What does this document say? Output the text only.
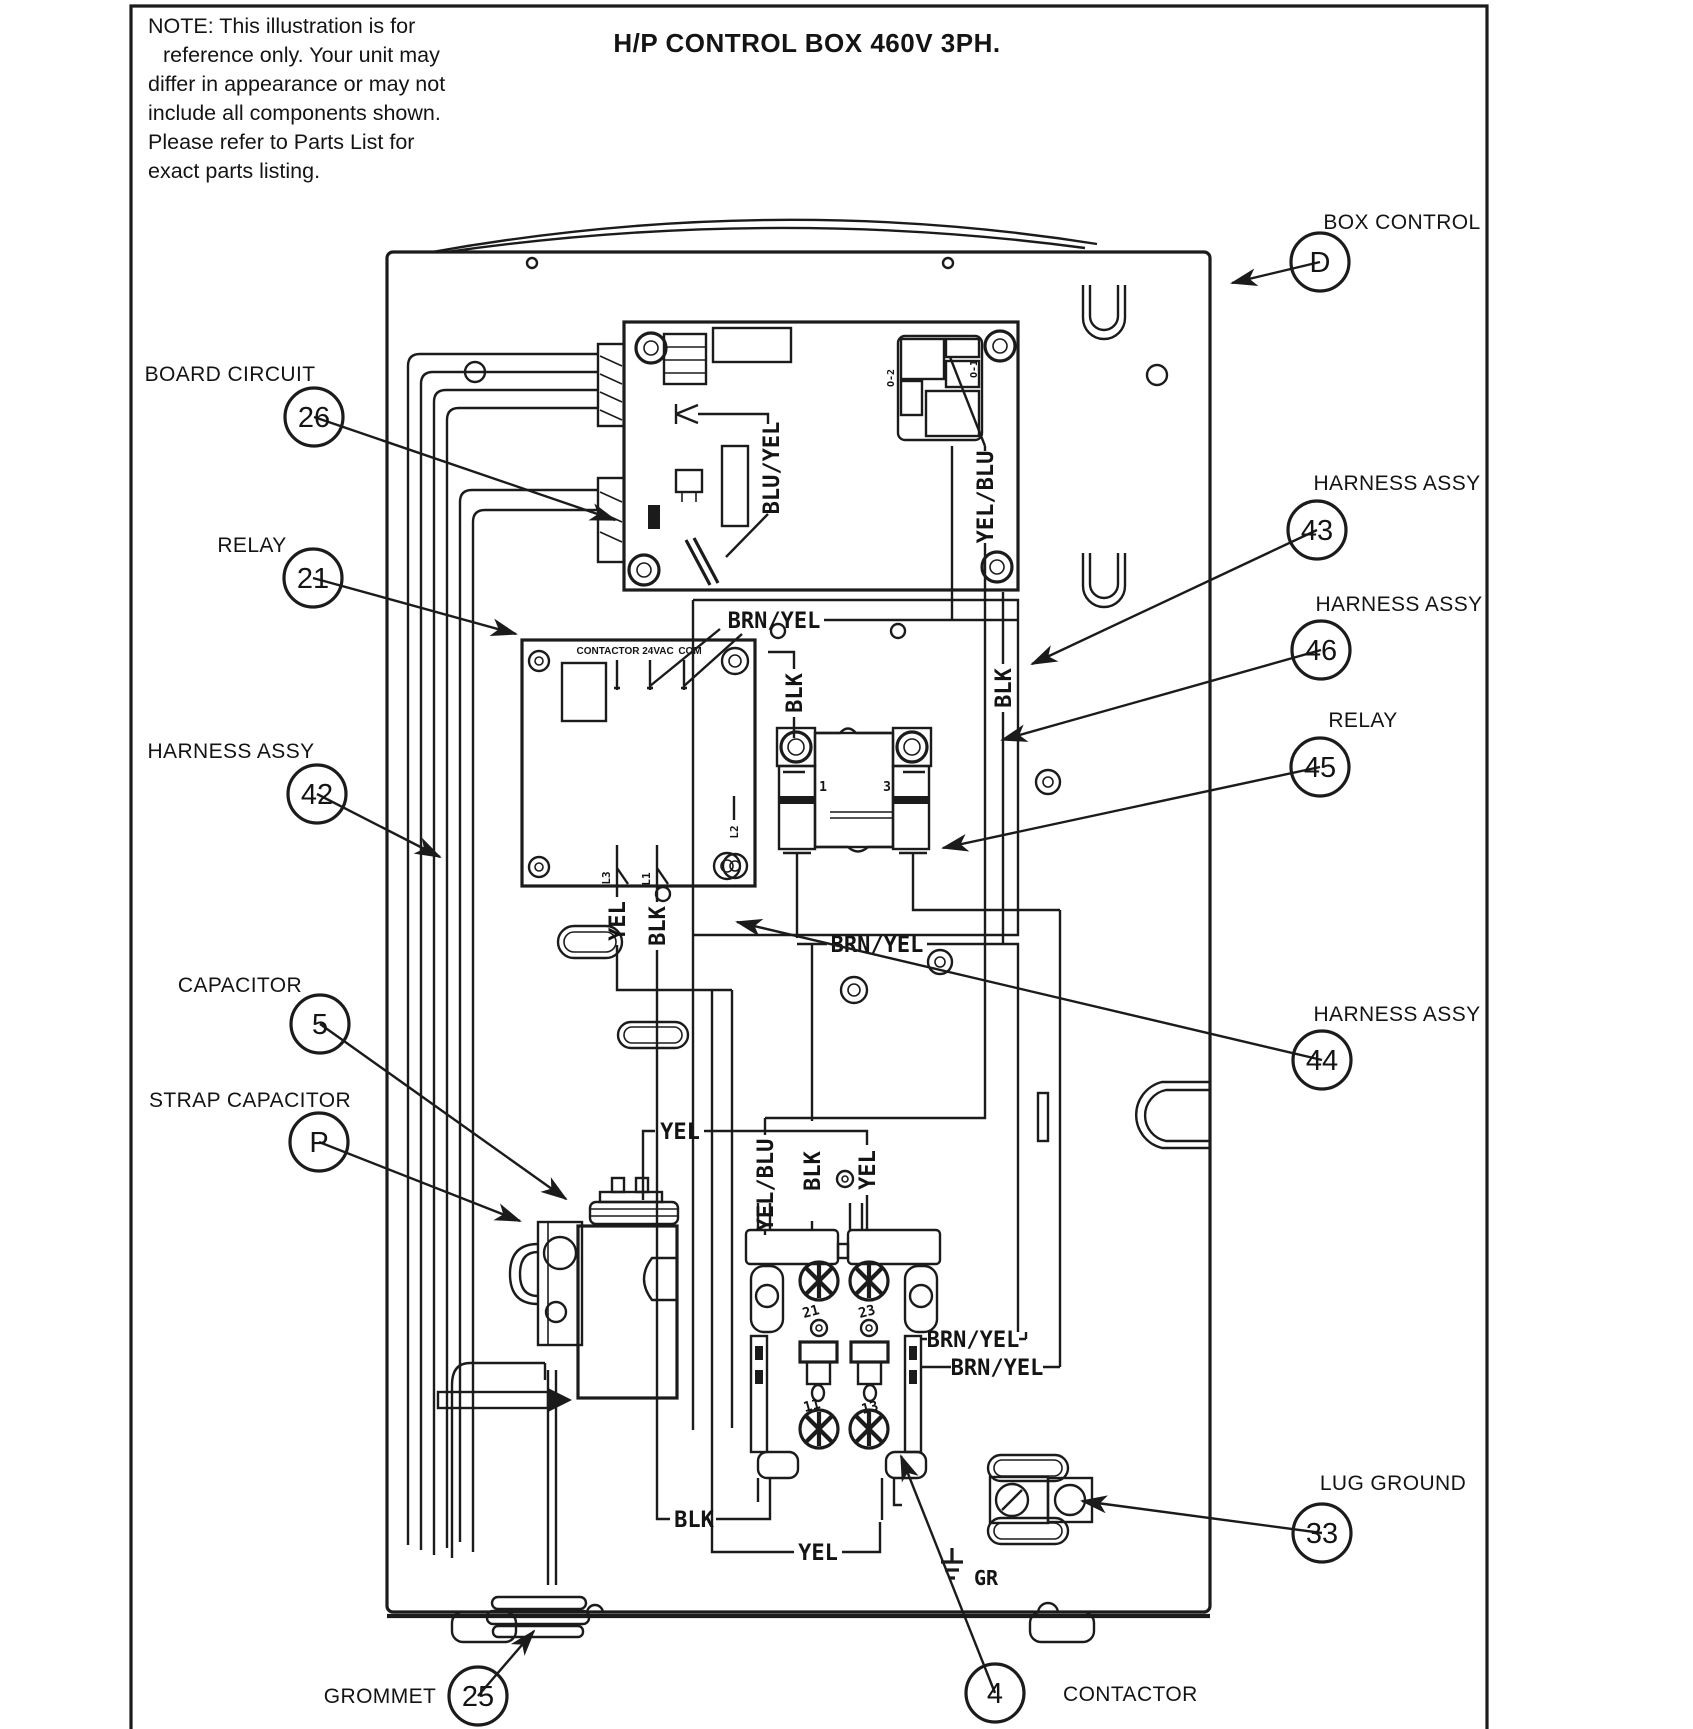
NOTE: This illustration is for
reference only. Your unit may
differ in appearance or may not
include all components shown.
Please refer to Parts List for
exact parts listing.
H/P CONTROL BOX 460V 3PH.
BLU/YEL
O-2	O-1
CONTACTOR 24VAC COM
L3 L1
L2
1	3
21	23
11	13
YEL/BLU
BLK
BRN/YEL
BLK
YEL BLK	BRN/YEL
YEL
YEL/BLU BLK YEL
BRN/YEL
BRN/YEL
BLK
YEL
GR
BOARD CIRCUIT
26
RELAY
21
HARNESS ASSY
42
CAPACITOR
5
STRAP CAPACITOR
P
BOX CONTROL
D
HARNESS ASSY
43
HARNESS ASSY
46
RELAY
45
HARNESS ASSY
44
LUG GROUND
33
GROMMET 25	4	CONTACTOR
